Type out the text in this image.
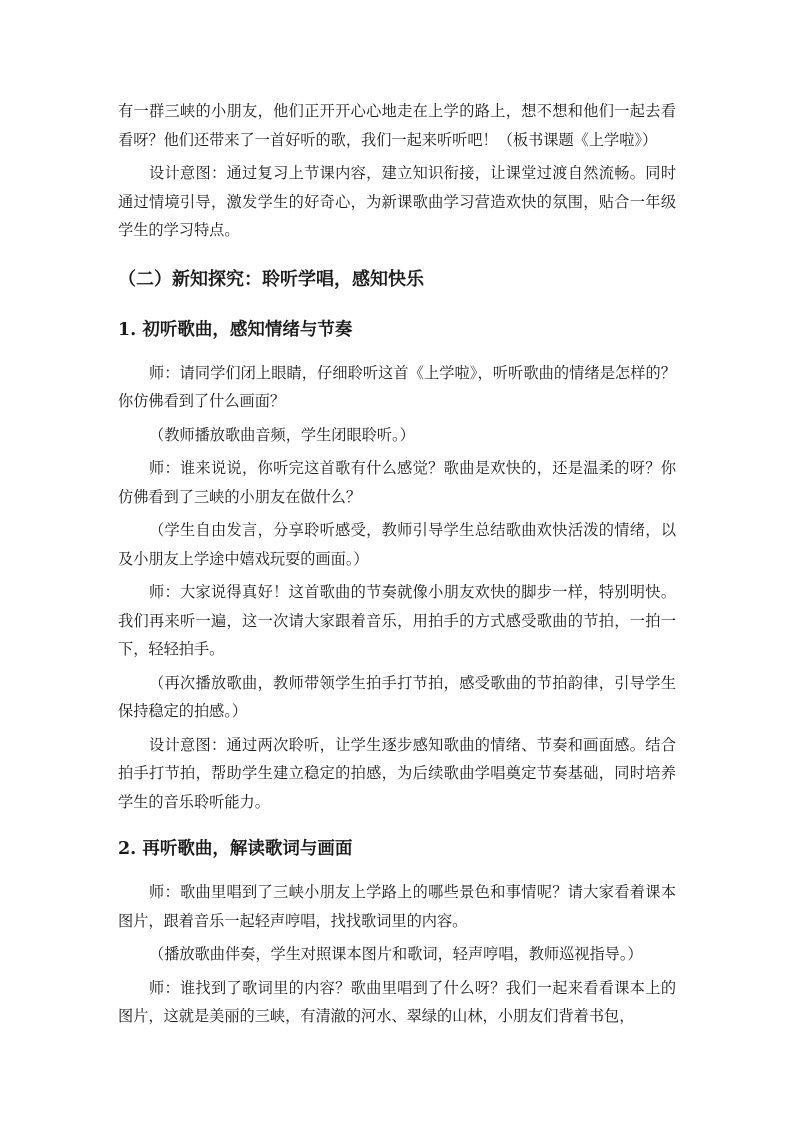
有一群三峡的小朋友，他们正开开心心地走在上学的路上，想不想和他们一起去看看呀？他们还带来了一首好听的歌，我们一起来听听吧！（板书课题《上学啦》）

设计意图：通过复习上节课内容，建立知识衔接，让课堂过渡自然流畅。同时通过情境引导，激发学生的好奇心，为新课歌曲学习营造欢快的氛围，贴合一年级学生的学习特点。

（二）新知探究：聆听学唱，感知快乐
1. 初听歌曲，感知情绪与节奏

师：请同学们闭上眼睛，仔细聆听这首《上学啦》，听听歌曲的情绪是怎样的？你仿佛看到了什么画面？

（教师播放歌曲音频，学生闭眼聆听。）

师：谁来说说，你听完这首歌有什么感觉？歌曲是欢快的，还是温柔的呀？你仿佛看到了三峡的小朋友在做什么？

（学生自由发言，分享聆听感受，教师引导学生总结歌曲欢快活泼的情绪，以及小朋友上学途中嬉戏玩耍的画面。）

师：大家说得真好！这首歌曲的节奏就像小朋友欢快的脚步一样，特别明快。我们再来听一遍，这一次请大家跟着音乐，用拍手的方式感受歌曲的节拍，一拍一下，轻轻拍手。

（再次播放歌曲，教师带领学生拍手打节拍，感受歌曲的节拍韵律，引导学生保持稳定的拍感。）

设计意图：通过两次聆听，让学生逐步感知歌曲的情绪、节奏和画面感。结合拍手打节拍，帮助学生建立稳定的拍感，为后续歌曲学唱奠定节奏基础，同时培养学生的音乐聆听能力。

2. 再听歌曲，解读歌词与画面

师：歌曲里唱到了三峡小朋友上学路上的哪些景色和事情呢？请大家看着课本图片，跟着音乐一起轻声哼唱，找找歌词里的内容。

（播放歌曲伴奏，学生对照课本图片和歌词，轻声哼唱，教师巡视指导。）

师：谁找到了歌词里的内容？歌曲里唱到了什么呀？我们一起来看看课本上的图片，这就是美丽的三峡，有清澈的河水、翠绿的山林，小朋友们背着书包，
